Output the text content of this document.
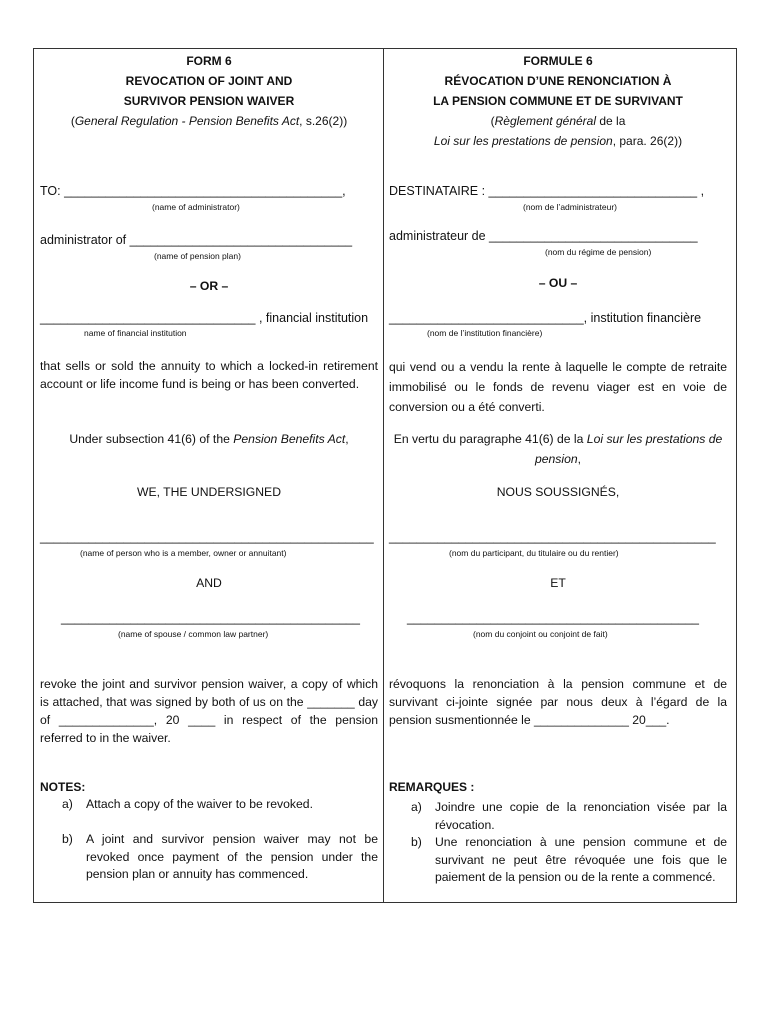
FORM 6
REVOCATION OF JOINT AND
SURVIVOR PENSION WAIVER
(General Regulation - Pension Benefits Act, s.26(2))
TO: ________________________________________,
(name of administrator)
administrator of ________________________________
(name of pension plan)
– OR –
_______________________________ , financial institution
name of financial institution
that sells or sold the annuity to which a locked-in retirement account or life income fund is being or has been converted.
Under subsection 41(6) of the Pension Benefits Act,
WE, THE UNDERSIGNED
________________________________________________
(name of person who is a member, owner or annuitant)
AND
___________________________________________
(name of spouse / common law partner)
revoke the joint and survivor pension waiver, a copy of which is attached, that was signed by both of us on the _______ day of ______________, 20 ____ in respect of the pension referred to in the waiver.
NOTES:
a) Attach a copy of the waiver to be revoked.
b) A joint and survivor pension waiver may not be revoked once payment of the pension under the pension plan or annuity has commenced.
FORMULE 6
RÉVOCATION D’UNE RENONCIATION À
LA PENSION COMMUNE ET DE SURVIVANT
(Règlement général de la
Loi sur les prestations de pension, para. 26(2))
DESTINATAIRE : ______________________________ ,
(nom de l’administrateur)
administrateur de ______________________________
(nom du régime de pension)
– OU –
____________________________, institution financière
(nom de l’institution financière)
qui vend ou a vendu la rente à laquelle le compte de retraite immobilisé ou le fonds de revenu viager est en voie de conversion ou a été converti.
En vertu du paragraphe 41(6) de la Loi sur les prestations de pension,
NOUS SOUSSIGNÉS,
_______________________________________________
(nom du participant, du titulaire ou du rentier)
ET
__________________________________________
(nom du conjoint ou conjoint de fait)
révoquons la renonciation à la pension commune et de survivant ci-jointe signée par nous deux à l’égard de la pension susmentionnée le ______________ 20___.
REMARQUES :
a) Joindre une copie de la renonciation visée par la révocation.
b) Une renonciation à une pension commune et de survivant ne peut être révoquée une fois que le paiement de la pension ou de la rente a commencé.
